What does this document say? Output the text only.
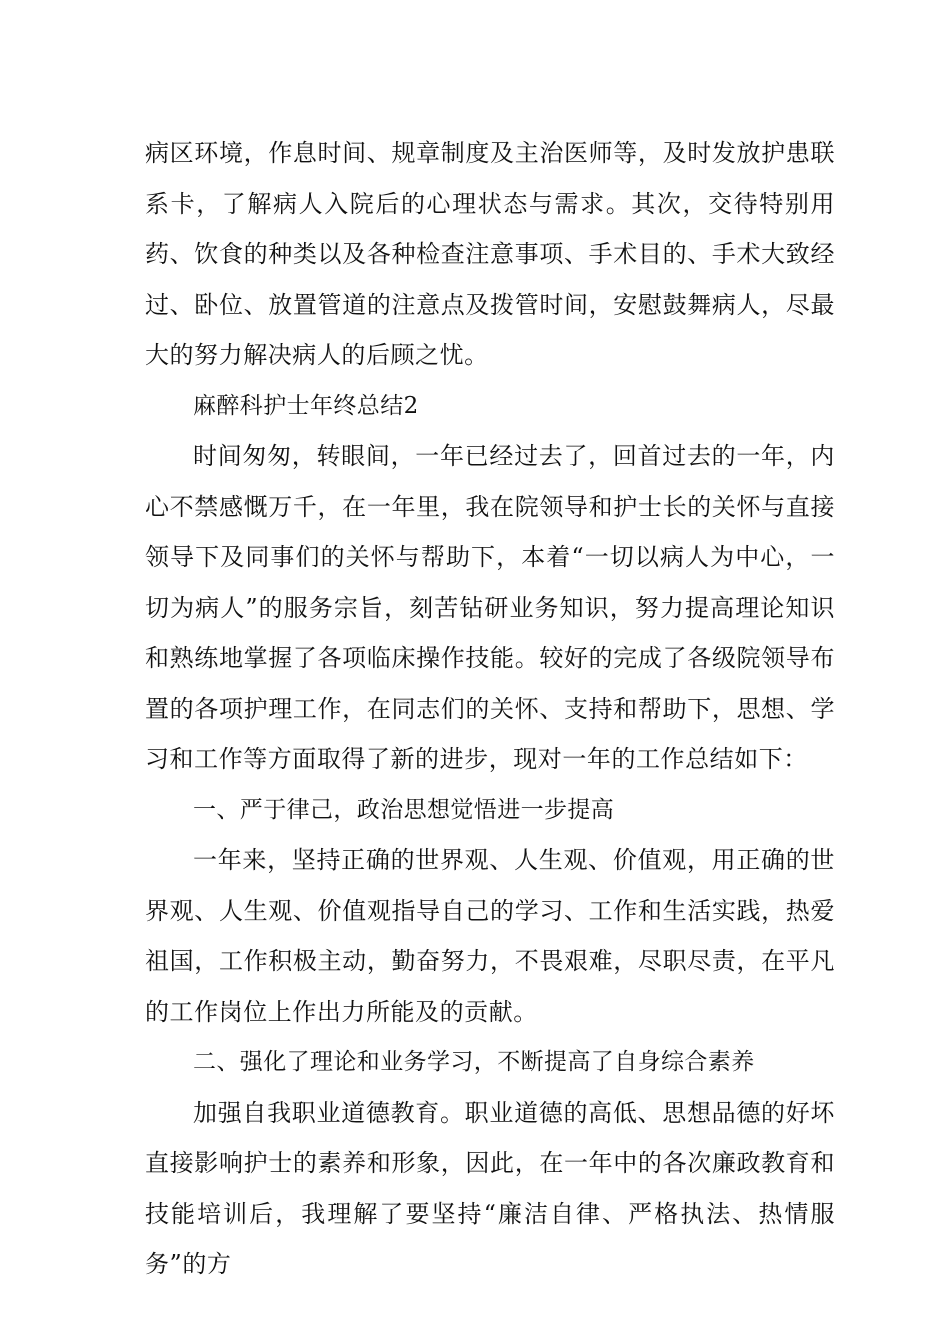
病区环境，作息时间、规章制度及主治医师等，及时发放护患联系卡，了解病人入院后的心理状态与需求。其次，交待特别用药、饮食的种类以及各种检查注意事项、手术目的、手术大致经过、卧位、放置管道的注意点及拨管时间，安慰鼓舞病人，尽最大的努力解决病人的后顾之忧。

麻醉科护士年终总结2

时间匆匆，转眼间，一年已经过去了，回首过去的一年，内心不禁感慨万千，在一年里，我在院领导和护士长的关怀与直接领导下及同事们的关怀与帮助下，本着“一切以病人为中心，一切为病人”的服务宗旨，刻苦钻研业务知识，努力提高理论知识和熟练地掌握了各项临床操作技能。较好的完成了各级院领导布置的各项护理工作，在同志们的关怀、支持和帮助下，思想、学习和工作等方面取得了新的进步，现对一年的工作总结如下：

一、严于律己，政治思想觉悟进一步提高

一年来，坚持正确的世界观、人生观、价值观，用正确的世界观、人生观、价值观指导自己的学习、工作和生活实践，热爱祖国，工作积极主动，勤奋努力，不畏艰难，尽职尽责，在平凡的工作岗位上作出力所能及的贡献。

二、强化了理论和业务学习，不断提高了自身综合素养

加强自我职业道德教育。职业道德的高低、思想品德的好坏直接影响护士的素养和形象，因此，在一年中的各次廉政教育和技能培训后，我理解了要坚持“廉洁自律、严格执法、热情服务”的方
